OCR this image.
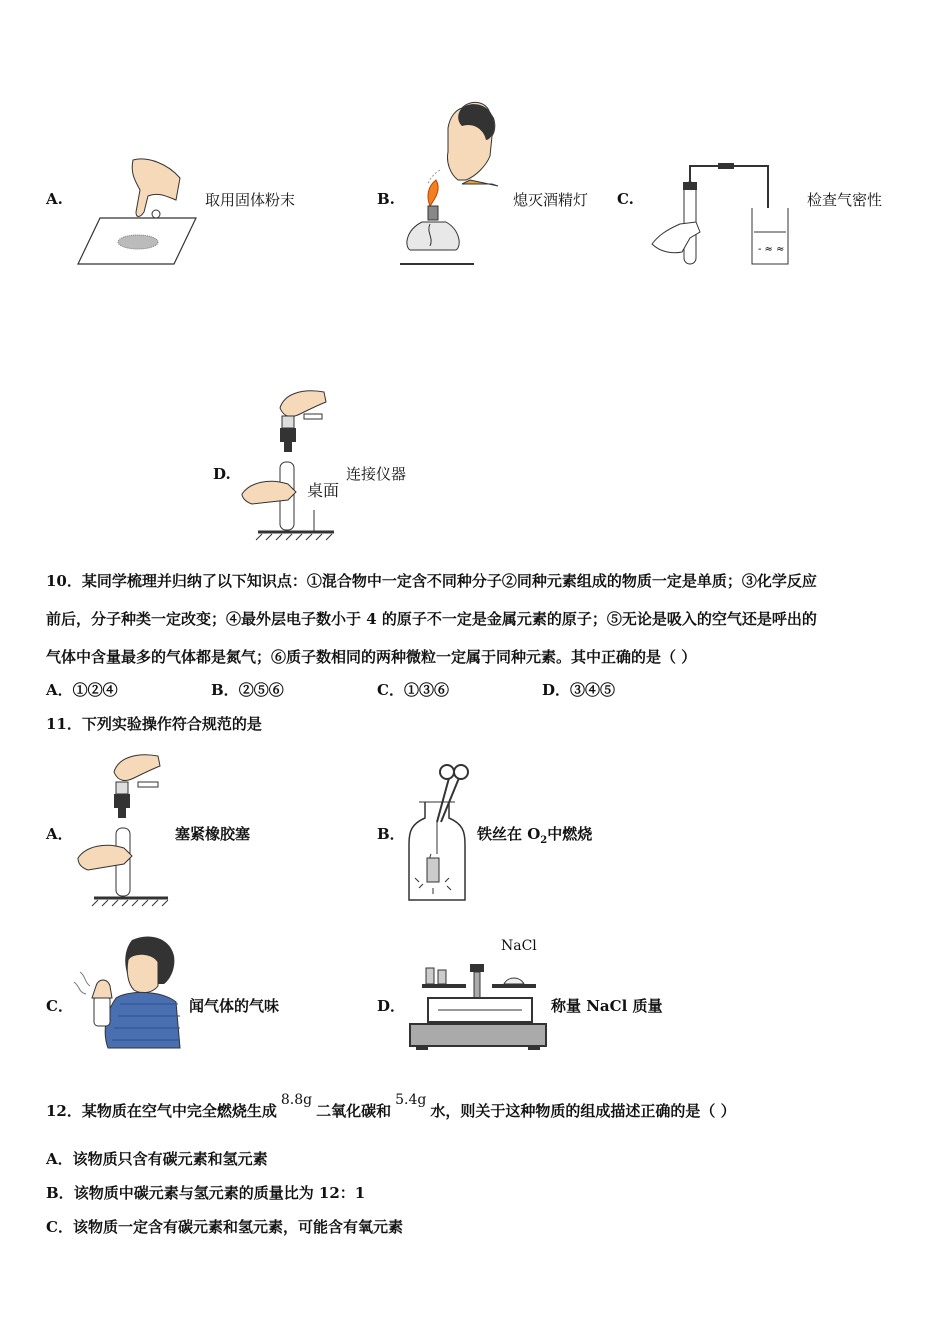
A.	取用固体粉末	B.	熄灭酒精灯 C.
- ≈ ≈
检查气密性
D.
桌面
连接仪器
10．某同学梳理并归纳了以下知识点：①混合物中一定含不同种分子②同种元素组成的物质一定是单质；③化学反应
前后，分子种类一定改变；④最外层电子数小于 4 的原子不一定是金属元素的原子；⑤无论是吸入的空气还是呼出的
气体中含量最多的气体都是氮气；⑥质子数相同的两种微粒一定属于同种元素。其中正确的是（ ）
A．①②④	B．②⑤⑥	C．①③⑥	D．③④⑤
11．下列实验操作符合规范的是
A．	塞紧橡胶塞	B．	铁丝在 $O_2$中燃烧
C．	闻气体的气味	D．
NaCl
称量 NaCl 质量
12．某物质在空气中完全燃烧生成8.8g二氧化碳和5.4g水，则关于这种物质的组成描述正确的是（ ）
A．该物质只含有碳元素和氢元素
B．该物质中碳元素与氢元素的质量比为 12：1
C．该物质一定含有碳元素和氢元素，可能含有氧元素
